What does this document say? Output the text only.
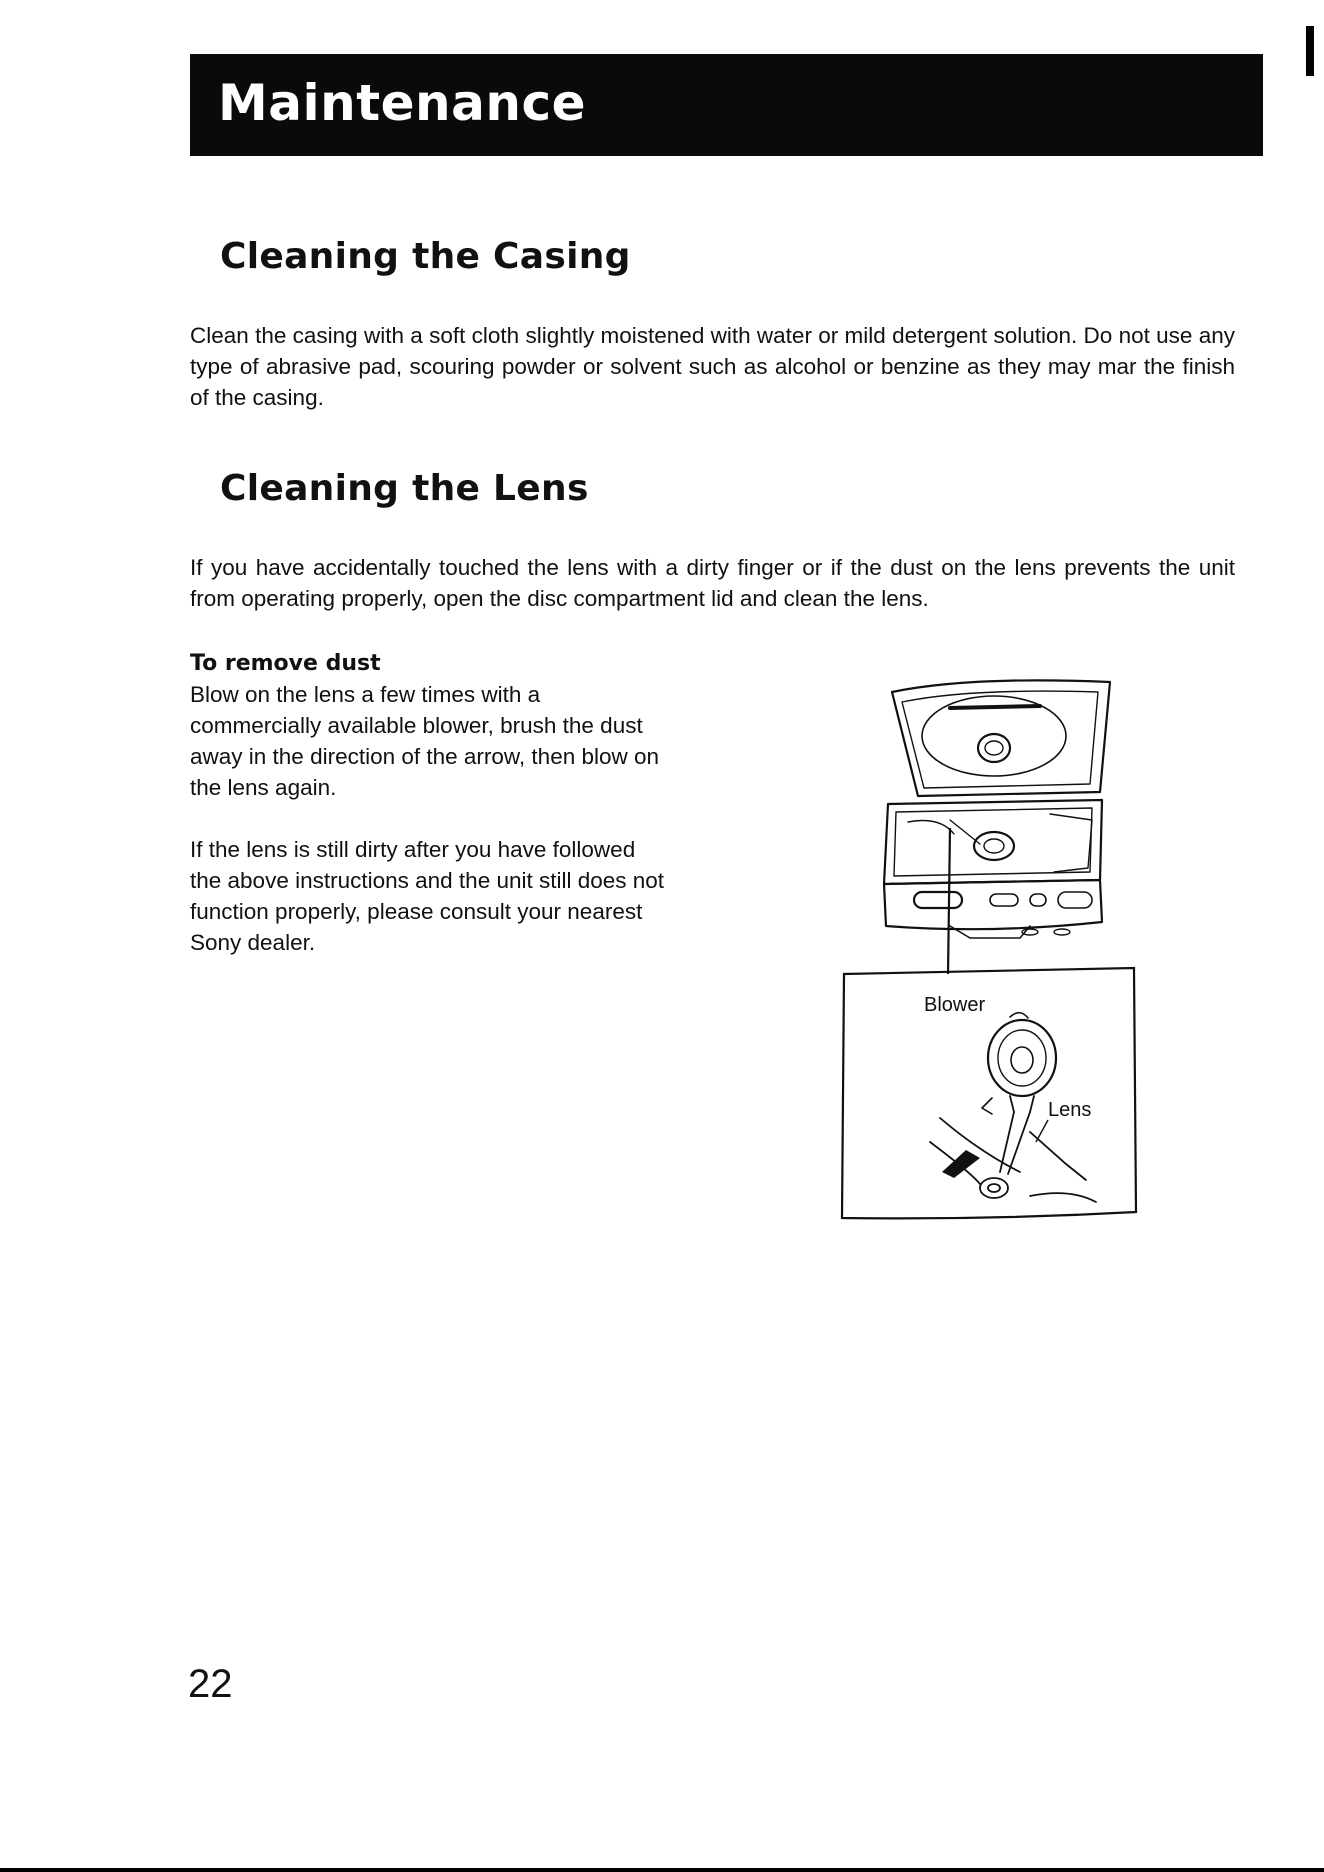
Maintenance
Cleaning the Casing

Clean the casing with a soft cloth slightly moistened with water or mild detergent solution. Do not use any type of abrasive pad, scouring powder or solvent such as alcohol or benzine as they may mar the finish of the casing.

Cleaning the Lens

If you have accidentally touched the lens with a dirty finger or if the dust on the lens prevents the unit from operating properly, open the disc compartment lid and clean the lens.

To remove dust
Blow on the lens a few times with a commercially available blower, brush the dust away in the direction of the arrow, then blow on the lens again.
If the lens is still dirty after you have followed the above instructions and the unit still does not function properly, please consult your nearest Sony dealer.
Blower
Lens

22
